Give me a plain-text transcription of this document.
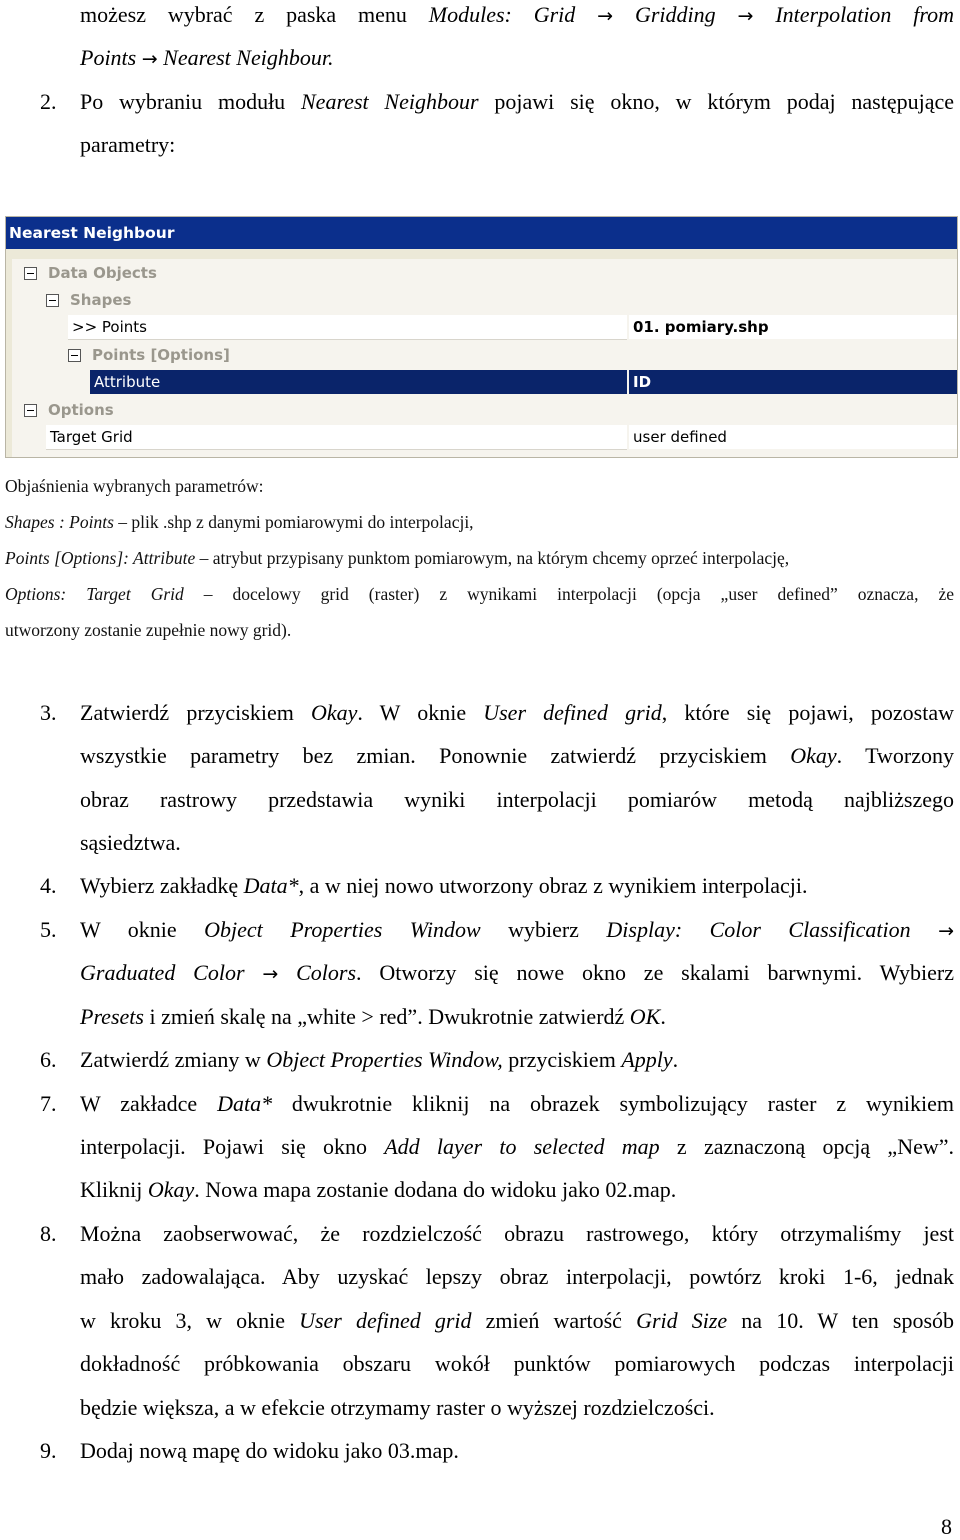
możesz wybrać z paska menu Modules: Grid → Gridding → Interpolation from
Points → Nearest Neighbour.
2. Po wybraniu modułu Nearest Neighbour pojawi się okno, w którym podaj następujące
parametry:
Nearest Neighbour
Data Objects
Shapes
>> Points	01. pomiary.shp
Points [Options]
Attribute	ID
Options
Target Grid	user defined
Objaśnienia wybranych parametrów:
Shapes : Points – plik .shp z danymi pomiarowymi do interpolacji,
Points [Options]: Attribute – atrybut przypisany punktom pomiarowym, na którym chcemy oprzeć interpolację,
Options: Target Grid – docelowy grid (raster) z wynikami interpolacji (opcja „user defined” oznacza, że
utworzony zostanie zupełnie nowy grid).
3. Zatwierdź przyciskiem Okay. W oknie User defined grid, które się pojawi, pozostaw
wszystkie parametry bez zmian. Ponownie zatwierdź przyciskiem Okay. Tworzony
obraz rastrowy przedstawia wyniki interpolacji pomiarów metodą najbliższego
sąsiedztwa.
4. Wybierz zakładkę Data*, a w niej nowo utworzony obraz z wynikiem interpolacji.
5. W oknie Object Properties Window wybierz Display: Color Classification →
Graduated Color → Colors. Otworzy się nowe okno ze skalami barwnymi. Wybierz
Presets i zmień skalę na „white > red”. Dwukrotnie zatwierdź OK.
6. Zatwierdź zmiany w Object Properties Window, przyciskiem Apply.
7. W zakładce Data* dwukrotnie kliknij na obrazek symbolizujący raster z wynikiem
interpolacji. Pojawi się okno Add layer to selected map z zaznaczoną opcją „New”.
Kliknij Okay. Nowa mapa zostanie dodana do widoku jako 02.map.
8. Można zaobserwować, że rozdzielczość obrazu rastrowego, który otrzymaliśmy jest
mało zadowalająca. Aby uzyskać lepszy obraz interpolacji, powtórz kroki 1-6, jednak
w kroku 3, w oknie User defined grid zmień wartość Grid Size na 10. W ten sposób
dokładność próbkowania obszaru wokół punktów pomiarowych podczas interpolacji
będzie większa, a w efekcie otrzymamy raster o wyższej rozdzielczości.
9. Dodaj nową mapę do widoku jako 03.map.
8
